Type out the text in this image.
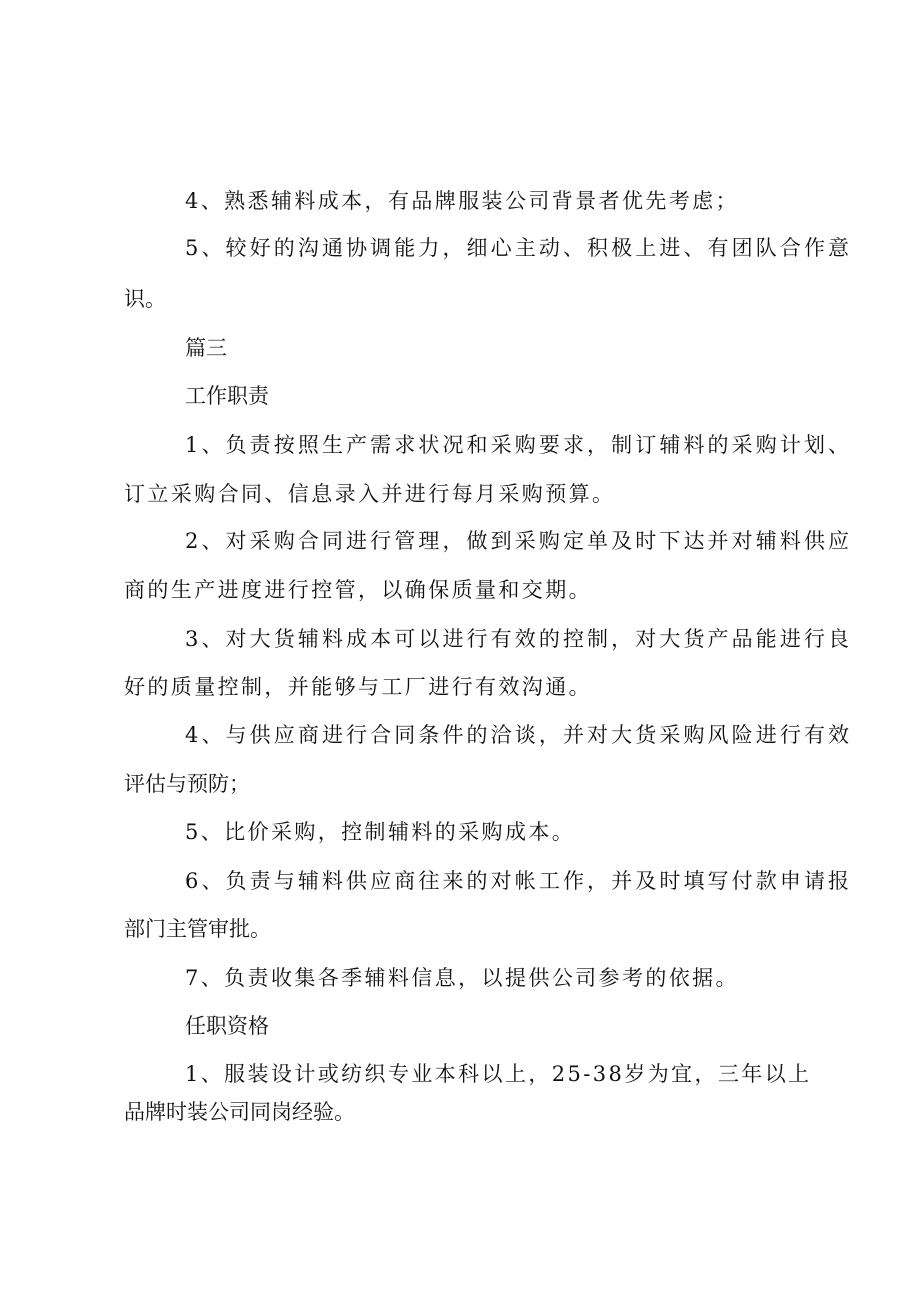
4、熟悉辅料成本，有品牌服装公司背景者优先考虑；
5、较好的沟通协调能力，细心主动、积极上进、有团队合作意
识。
篇三
工作职责
1、负责按照生产需求状况和采购要求，制订辅料的采购计划、
订立采购合同、信息录入并进行每月采购预算。
2、对采购合同进行管理，做到采购定单及时下达并对辅料供应
商的生产进度进行控管，以确保质量和交期。
3、对大货辅料成本可以进行有效的控制，对大货产品能进行良
好的质量控制，并能够与工厂进行有效沟通。
4、与供应商进行合同条件的洽谈，并对大货采购风险进行有效
评估与预防；
5、比价采购，控制辅料的采购成本。
6、负责与辅料供应商往来的对帐工作，并及时填写付款申请报
部门主管审批。
7、负责收集各季辅料信息，以提供公司参考的依据。
任职资格
1、服装设计或纺织专业本科以上，25-38岁为宜，三年以上
品牌时装公司同岗经验。
